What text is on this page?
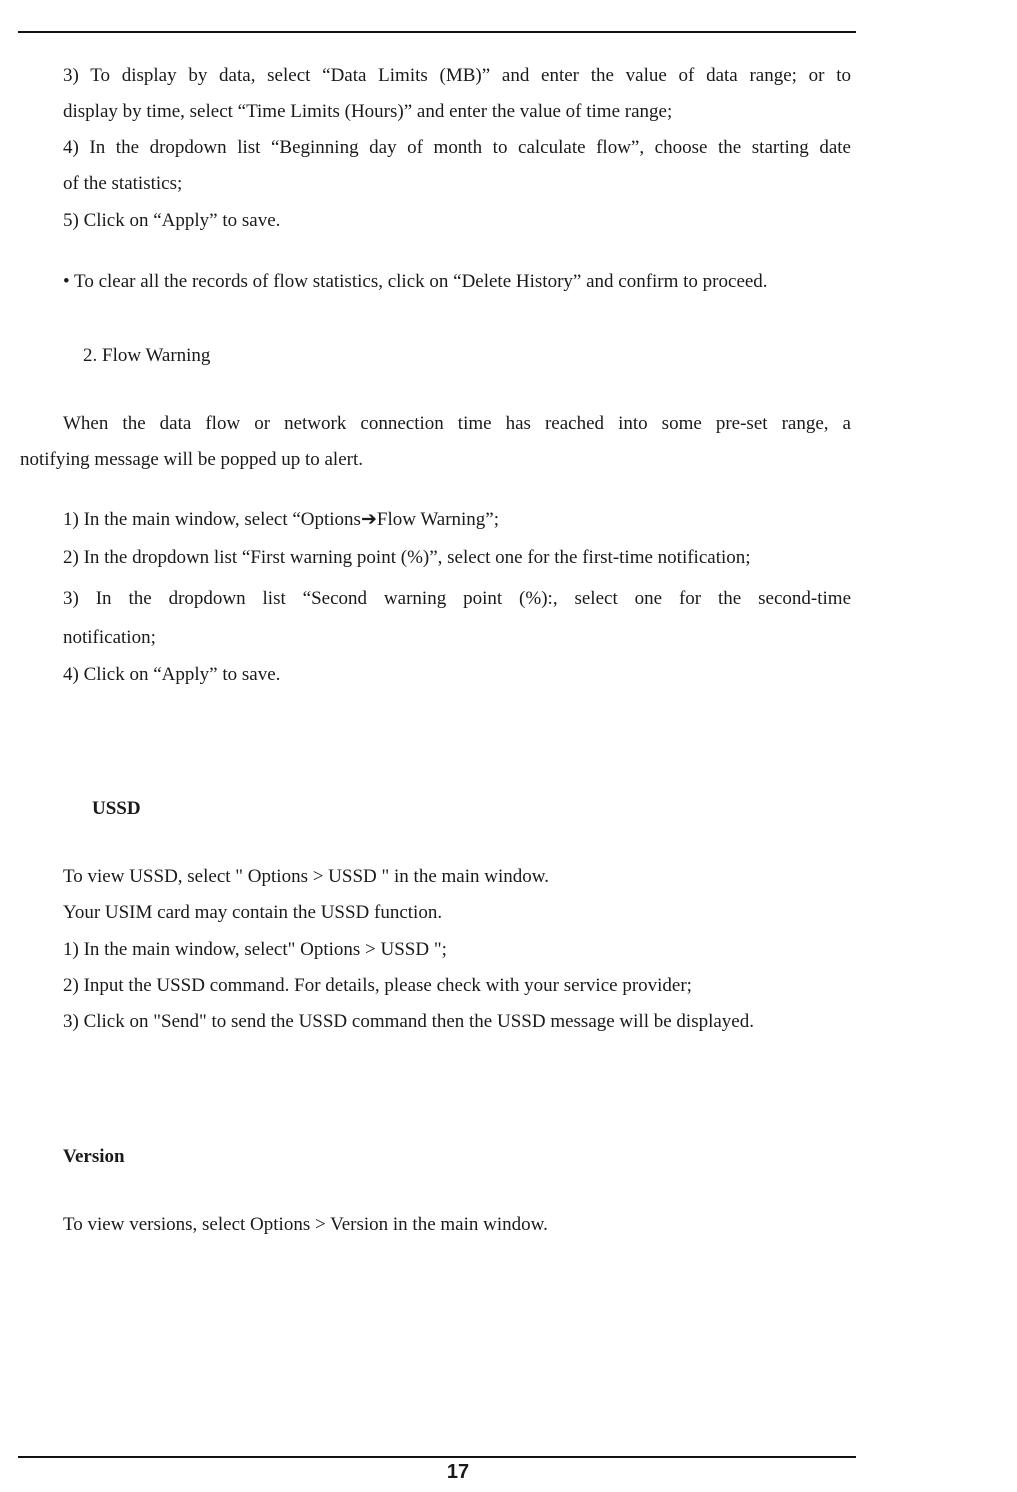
3) To display by data, select “Data Limits (MB)” and enter the value of data range; or to
display by time, select “Time Limits (Hours)” and enter the value of time range;
4) In the dropdown list “Beginning day of month to calculate flow”, choose the starting date
of the statistics;
5) Click on “Apply” to save.
• To clear all the records of flow statistics, click on “Delete History” and confirm to proceed.
2. Flow Warning
When the data flow or network connection time has reached into some pre-set range, a
notifying message will be popped up to alert.
1) In the main window, select “Options➔Flow Warning”;
2) In the dropdown list “First warning point (%)”, select one for the first-time notification;
3) In the dropdown list “Second warning point (%):, select one for the second-time
notification;
4) Click on “Apply” to save.
USSD
To view USSD, select " Options > USSD " in the main window.
Your USIM card may contain the USSD function.
1) In the main window, select" Options > USSD ";
2) Input the USSD command. For details, please check with your service provider;
3) Click on "Send" to send the USSD command then the USSD message will be displayed.
Version
To view versions, select Options > Version in the main window.
17
